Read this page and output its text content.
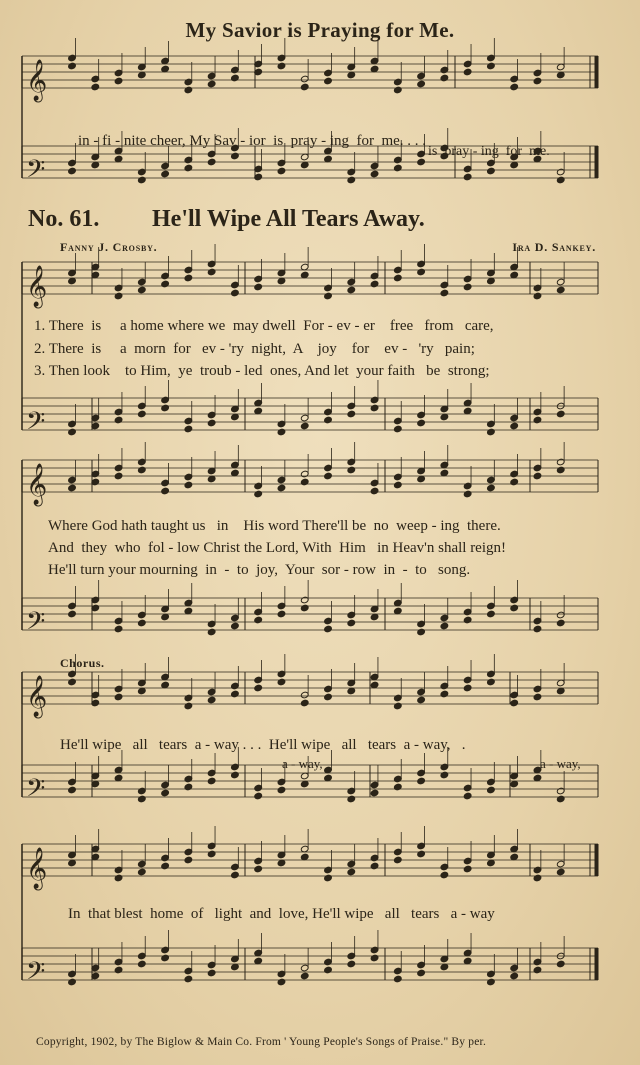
My Savior is Praying for Me.
𝄞
𝄢
𝄞
𝄢
𝄞
𝄢
𝄞
𝄢
𝄞
𝄢

in - fi - nite cheer, My Sav - ior  is  pray - ing  for  me. . . .

is  pray - ing  for  me.

No. 61. He'll Wipe All Tears Away.
Fanny J. Crosby.	Ira D. Sankey.
1. There  is     a home where we  may dwell  For - ev - er    free   from   care,
2. There  is     a  morn  for   ev - 'ry  night,  A    joy    for    ev -   'ry   pain;
3. Then look    to Him,  ye  troub - led  ones, And let  your faith   be  strong;
Where God hath taught us   in    His word There'll be  no  weep - ing  there.
And  they  who  fol - low Christ the Lord, With  Him   in Heav'n shall reign!
He'll turn your mourning  in  -  to  joy,  Your  sor - row  in  -  to   song.
Chorus.
He'll wipe   all   tears  a - way . . .  He'll wipe   all   tears  a - way,   .
a - way,	a - way,
In  that blest  home  of   light  and  love, He'll wipe   all   tears   a - way
Copyright, 1902, by The Biglow & Main Co. From ' Young People's Songs of Praise." By per.
